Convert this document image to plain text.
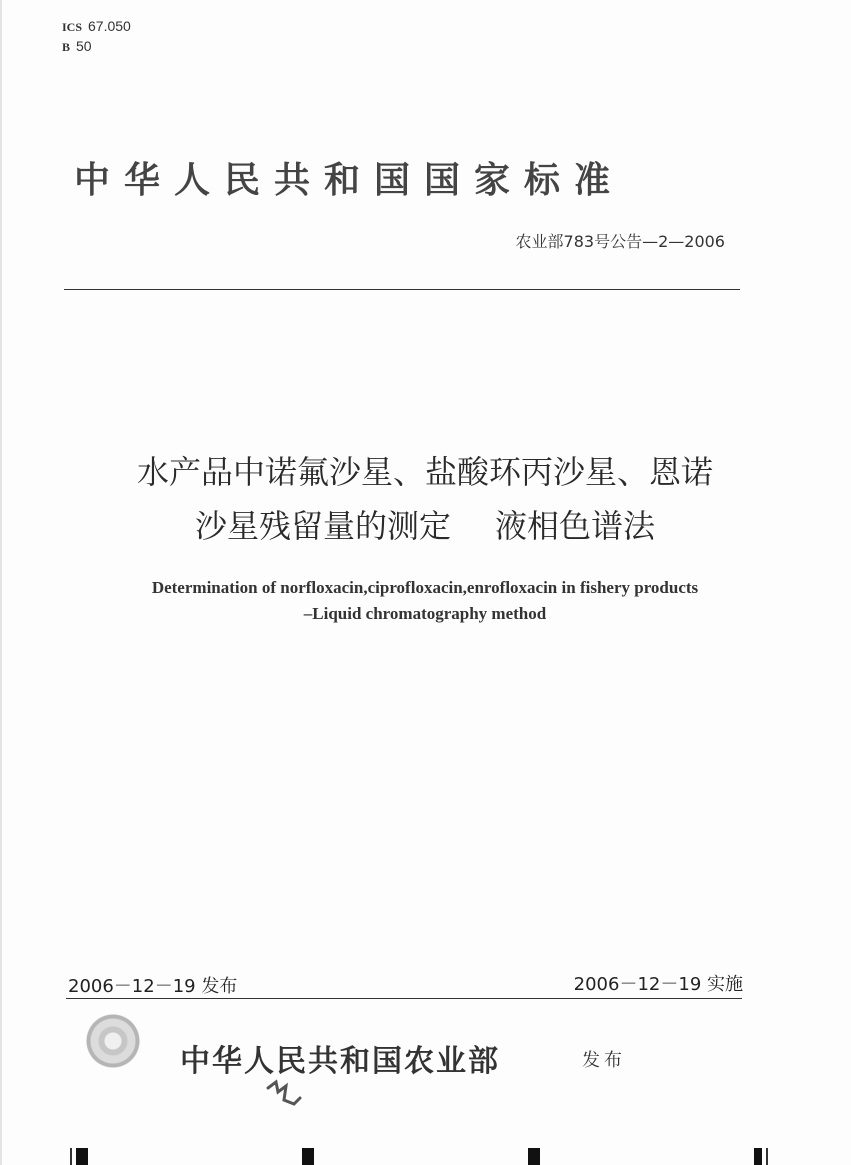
ICS 67.050
B 50
中华人民共和国国家标准
农业部783号公告—2—2006
水产品中诺氟沙星、盐酸环丙沙星、恩诺
沙星残留量的测定 液相色谱法
Determination of norfloxacin,ciprofloxacin,enrofloxacin in fishery products
–Liquid chromatography method
2006－12－19 发布	2006－12－19 实施
中华人民共和国农业部	发布
